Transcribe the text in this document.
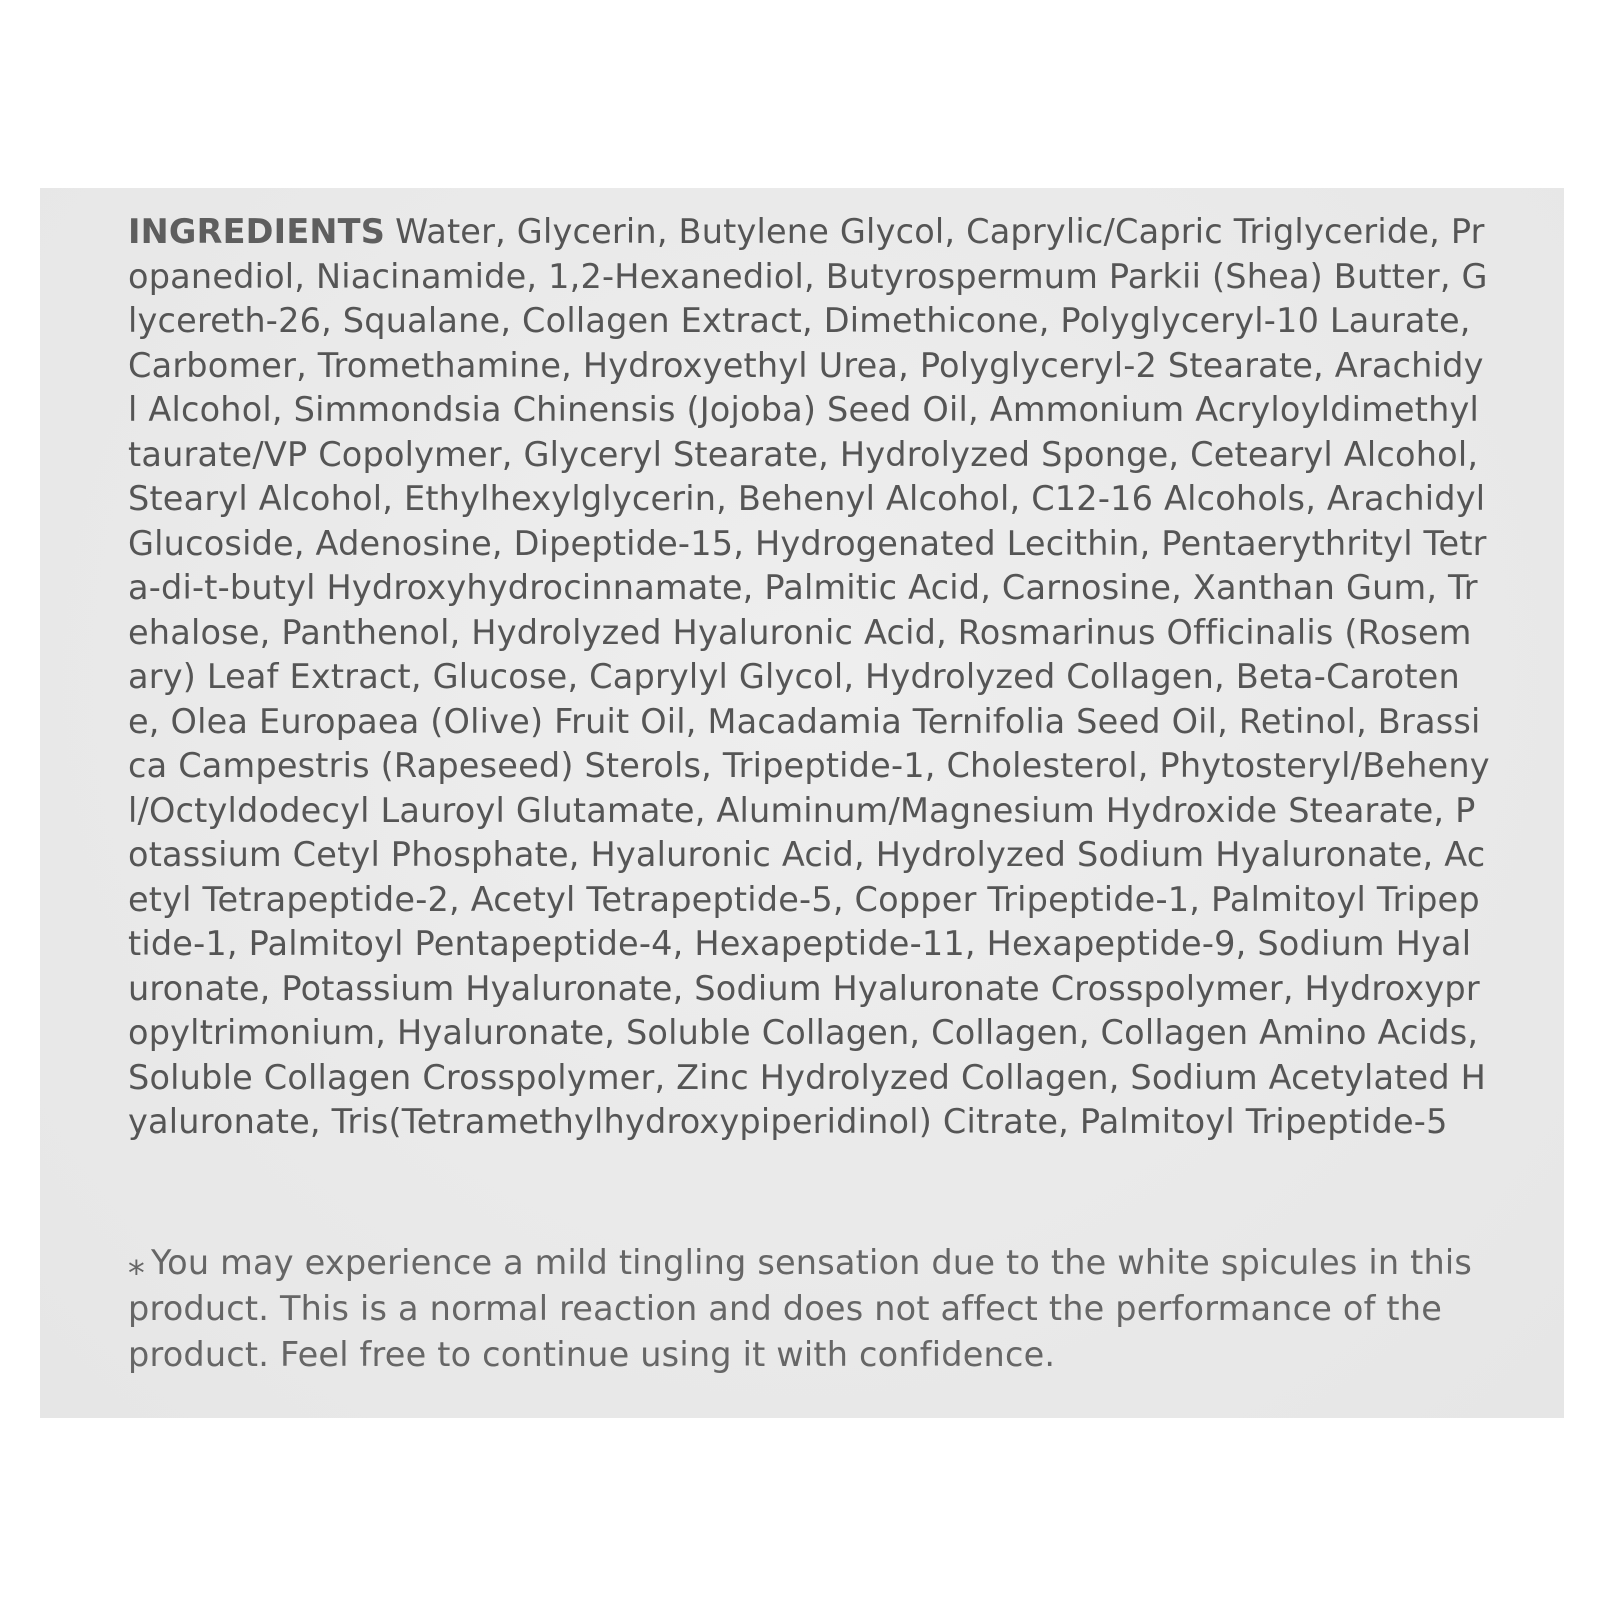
INGREDIENTS Water, Glycerin, Butylene Glycol, Caprylic/Capric Triglyceride, Propanediol, Niacinamide, 1,2-Hexanediol, Butyrospermum Parkii (Shea) Butter, Glycereth-26, Squalane, Collagen Extract, Dimethicone, Polyglyceryl-10 Laurate, Carbomer, Tromethamine, Hydroxyethyl Urea, Polyglyceryl-2 Stearate, Arachidyl Alcohol, Simmondsia Chinensis (Jojoba) Seed Oil, Ammonium Acryloyldimethyltaurate/VP Copolymer, Glyceryl Stearate, Hydrolyzed Sponge, Cetearyl Alcohol, Stearyl Alcohol, Ethylhexylglycerin, Behenyl Alcohol, C12-16 Alcohols, Arachidyl Glucoside, Adenosine, Dipeptide-15, Hydrogenated Lecithin, Pentaerythrityl Tetra-di-t-butyl Hydroxyhydrocinnamate, Palmitic Acid, Carnosine, Xanthan Gum, Trehalose, Panthenol, Hydrolyzed Hyaluronic Acid, Rosmarinus Officinalis (Rosemary) Leaf Extract, Glucose, Caprylyl Glycol, Hydrolyzed Collagen, Beta-Carotene, Olea Europaea (Olive) Fruit Oil, Macadamia Ternifolia Seed Oil, Retinol, Brassica Campestris (Rapeseed) Sterols, Tripeptide-1, Cholesterol, Phytosteryl/Behenyl/Octyldodecyl Lauroyl Glutamate, Aluminum/Magnesium Hydroxide Stearate, Potassium Cetyl Phosphate, Hyaluronic Acid, Hydrolyzed Sodium Hyaluronate, Acetyl Tetrapeptide-2, Acetyl Tetrapeptide-5, Copper Tripeptide-1, Palmitoyl Tripeptide-1, Palmitoyl Pentapeptide-4, Hexapeptide-11, Hexapeptide-9, Sodium Hyaluronate, Potassium Hyaluronate, Sodium Hyaluronate Crosspolymer, Hydroxypropyltrimonium, Hyaluronate, Soluble Collagen, Collagen, Collagen Amino Acids, Soluble Collagen Crosspolymer, Zinc Hydrolyzed Collagen, Sodium Acetylated Hyaluronate, Tris(Tetramethylhydroxypiperidinol) Citrate, Palmitoyl Tripeptide-5

⁎ You may experience a mild tingling sensation due to the white spicules in this product. This is a normal reaction and does not affect the performance of the product. Feel free to continue using it with confidence.
